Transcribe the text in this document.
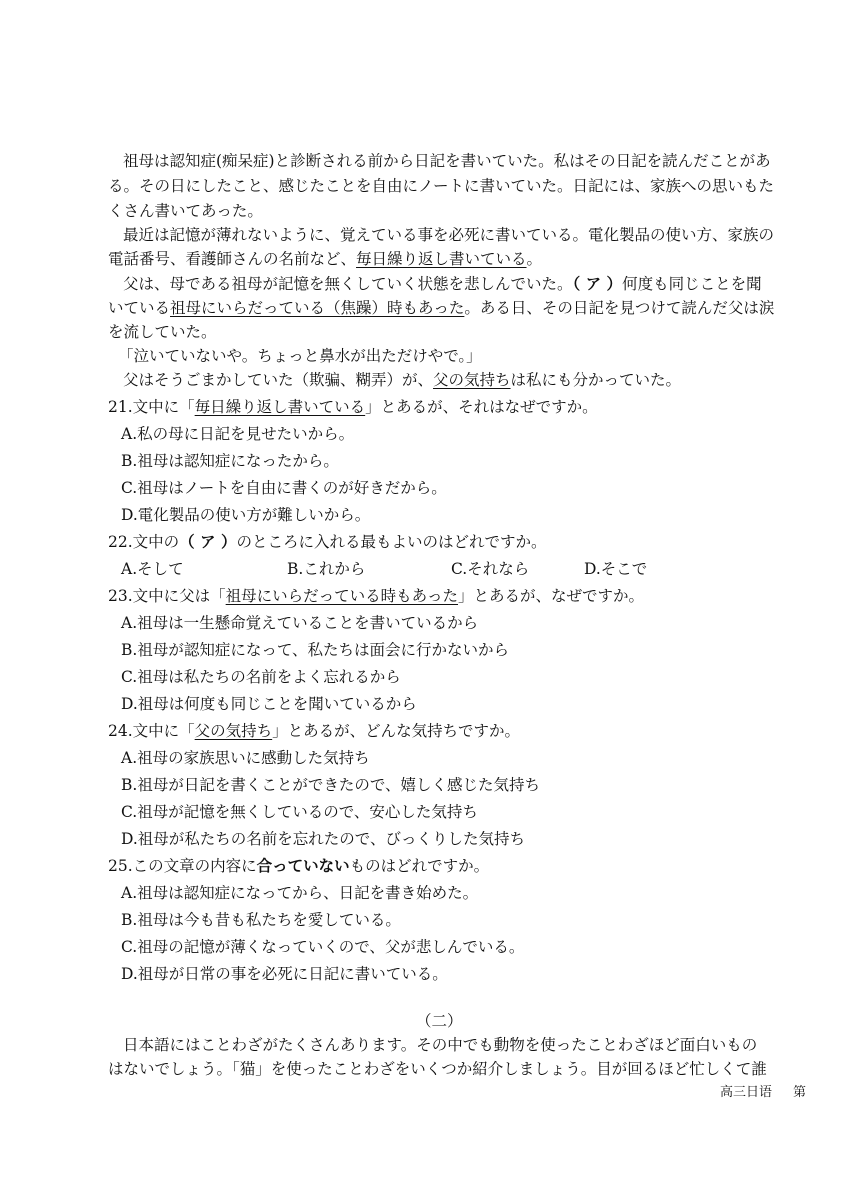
祖母は認知症(痴呆症)と診断される前から日記を書いていた。私はその日記を読んだことがあ
る。その日にしたこと、感じたことを自由にノートに書いていた。日記には、家族への思いもた
くさん書いてあった。
最近は記憶が薄れないように、覚えている事を必死に書いている。電化製品の使い方、家族の
電話番号、看護師さんの名前など、毎日繰り返し書いている。
父は、母である祖母が記憶を無くしていく状態を悲しんでいた。（ ア ）何度も同じことを聞
いている祖母にいらだっている（焦躁）時もあった。ある日、その日記を見つけて読んだ父は涙
を流していた。
「泣いていないや。ちょっと鼻水が出ただけやで。」
父はそうごまかしていた（欺骗、糊弄）が、父の気持ちは私にも分かっていた。
21.文中に「毎日繰り返し書いている」とあるが、それはなぜですか。
A.私の母に日記を見せたいから。
B.祖母は認知症になったから。
C.祖母はノートを自由に書くのが好きだから。
D.電化製品の使い方が難しいから。
22.文中の（ ア ）のところに入れる最もよいのはどれですか。
A.そして	B.これから	C.それなら	D.そこで
23.文中に父は「祖母にいらだっている時もあった」とあるが、なぜですか。
A.祖母は一生懸命覚えていることを書いているから
B.祖母が認知症になって、私たちは面会に行かないから
C.祖母は私たちの名前をよく忘れるから
D.祖母は何度も同じことを聞いているから
24.文中に「父の気持ち」とあるが、どんな気持ちですか。
A.祖母の家族思いに感動した気持ち
B.祖母が日記を書くことができたので、嬉しく感じた気持ち
C.祖母が記憶を無くしているので、安心した気持ち
D.祖母が私たちの名前を忘れたので、びっくりした気持ち
25.この文章の内容に合っていないものはどれですか。
A.祖母は認知症になってから、日記を書き始めた。
B.祖母は今も昔も私たちを愛している。
C.祖母の記憶が薄くなっていくので、父が悲しんでいる。
D.祖母が日常の事を必死に日記に書いている。
（二）
日本語にはことわざがたくさんあります。その中でも動物を使ったことわざほど面白いもの
はないでしょう。「猫」を使ったことわざをいくつか紹介しましょう。目が回るほど忙しくて誰
高三日语 第
